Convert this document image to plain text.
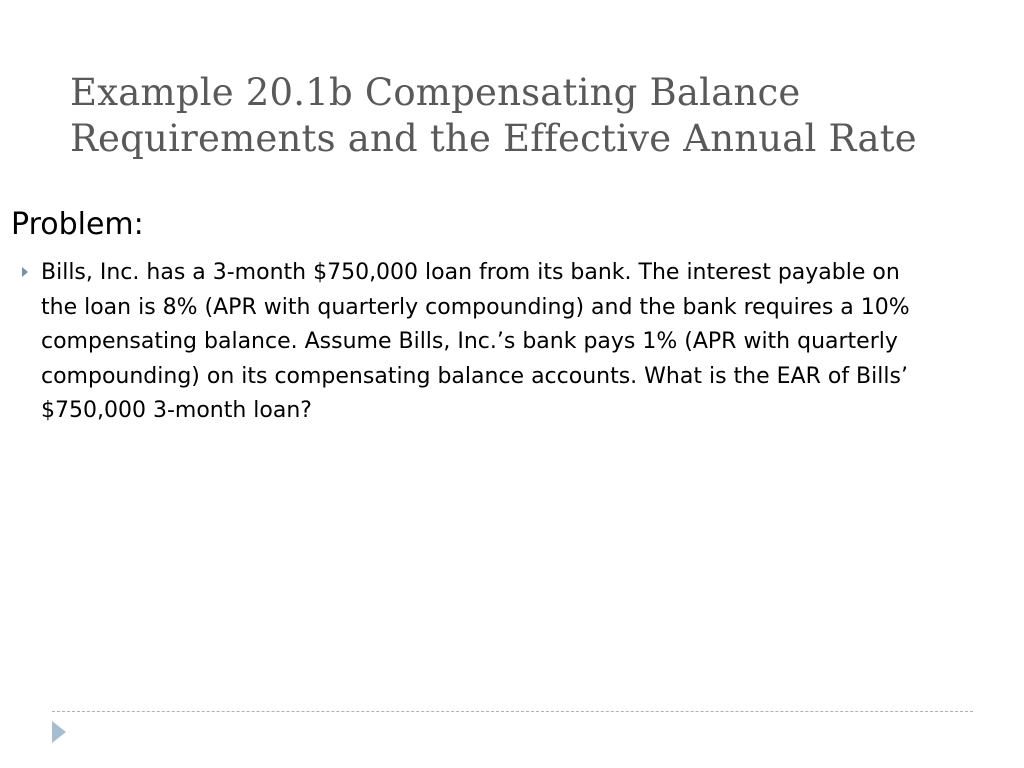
Example 20.1b Compensating Balance Requirements and the Effective Annual Rate
Problem:
Bills, Inc. has a 3-month $750,000 loan from its bank. The interest payable on the loan is 8% (APR with quarterly compounding) and the bank requires a 10% compensating balance. Assume Bills, Inc.’s bank pays 1% (APR with quarterly compounding) on its compensating balance accounts. What is the EAR of Bills’ $750,000 3-month loan?
